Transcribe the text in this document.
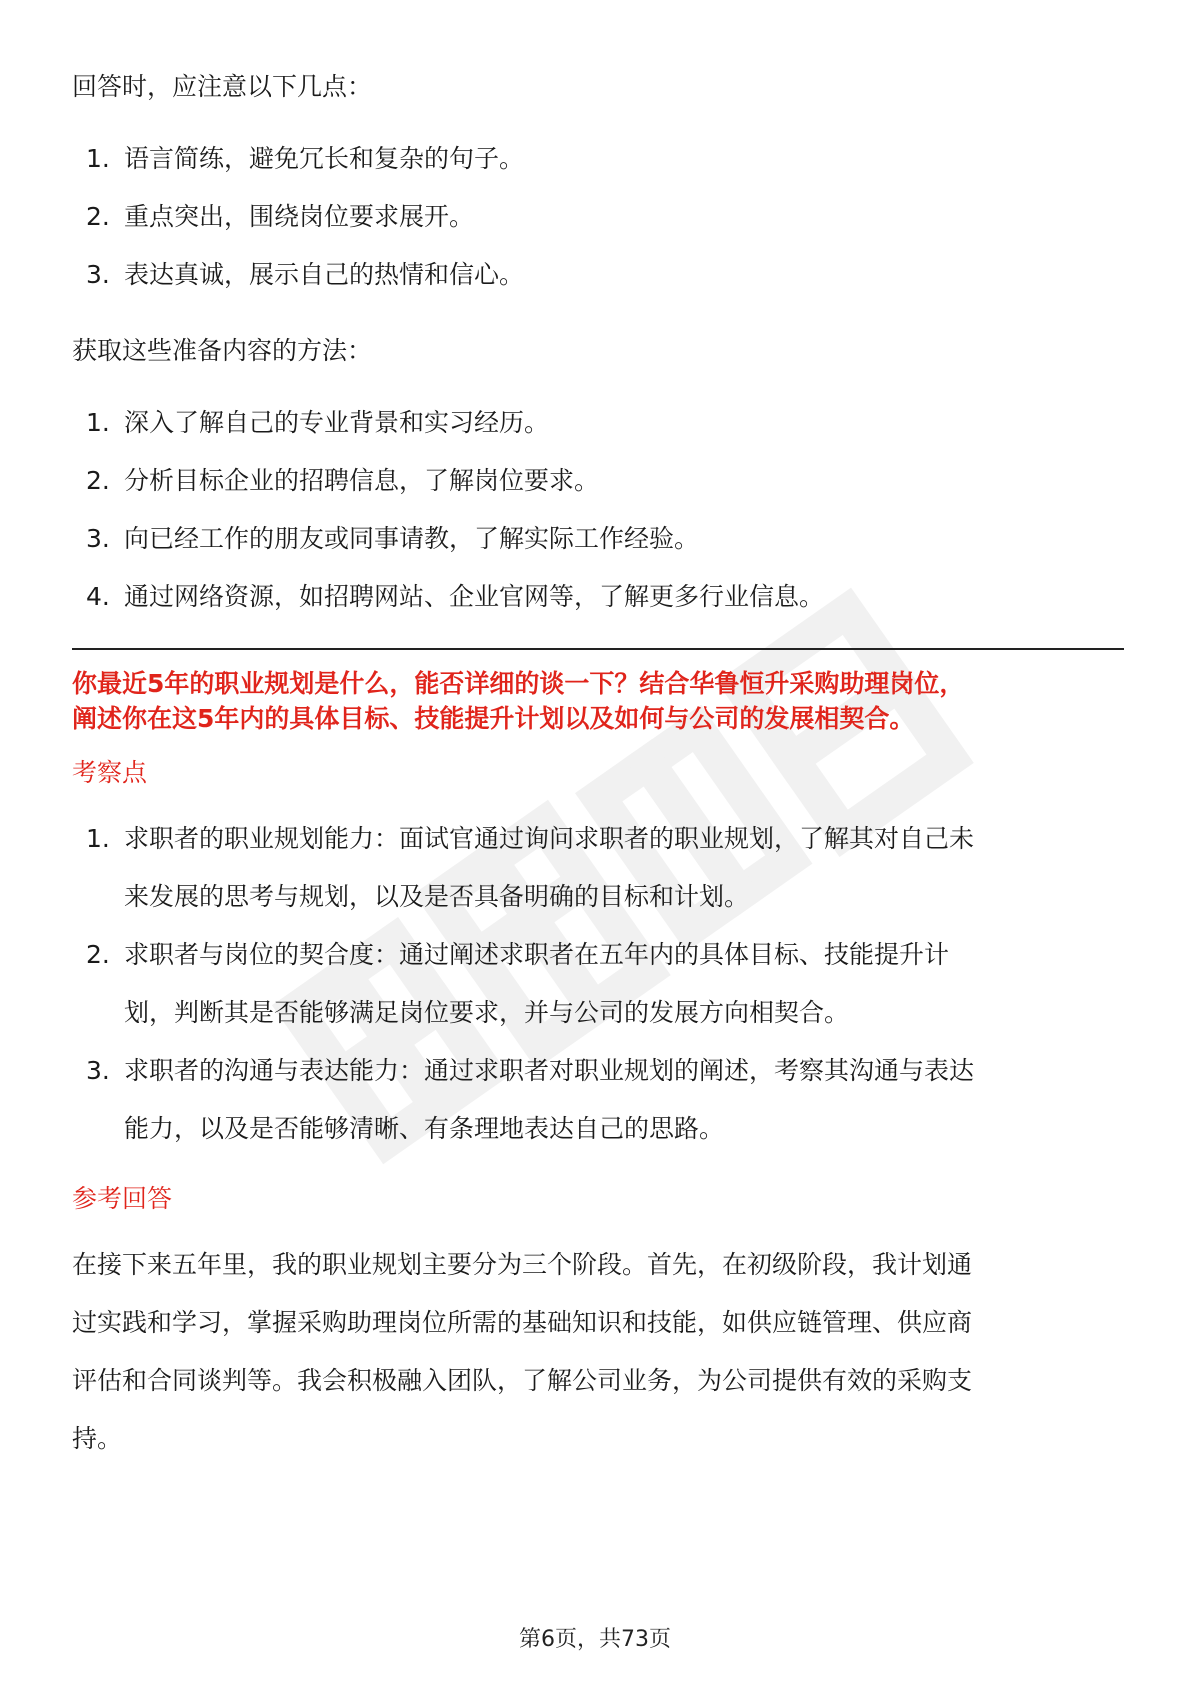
回答时，应注意以下几点：

1. 语言简练，避免冗长和复杂的句子。
2. 重点突出，围绕岗位要求展开。
3. 表达真诚，展示自己的热情和信心。

获取这些准备内容的方法：

1. 深入了解自己的专业背景和实习经历。
2. 分析目标企业的招聘信息，了解岗位要求。
3. 向已经工作的朋友或同事请教，了解实际工作经验。
4. 通过网络资源，如招聘网站、企业官网等，了解更多行业信息。
你最近5年的职业规划是什么，能否详细的谈一下？结合华鲁恒升采购助理岗位，
阐述你在这5年内的具体目标、技能提升计划以及如何与公司的发展相契合。

考察点

1. 求职者的职业规划能力：面试官通过询问求职者的职业规划，了解其对自己未
来发展的思考与规划，以及是否具备明确的目标和计划。
2. 求职者与岗位的契合度：通过阐述求职者在五年内的具体目标、技能提升计
划，判断其是否能够满足岗位要求，并与公司的发展方向相契合。
3. 求职者的沟通与表达能力：通过求职者对职业规划的阐述，考察其沟通与表达
能力，以及是否能够清晰、有条理地表达自己的思路。

参考回答

在接下来五年里，我的职业规划主要分为三个阶段。首先，在初级阶段，我计划通
过实践和学习，掌握采购助理岗位所需的基础知识和技能，如供应链管理、供应商
评估和合同谈判等。我会积极融入团队，了解公司业务，为公司提供有效的采购支
持。
第6页，共73页
